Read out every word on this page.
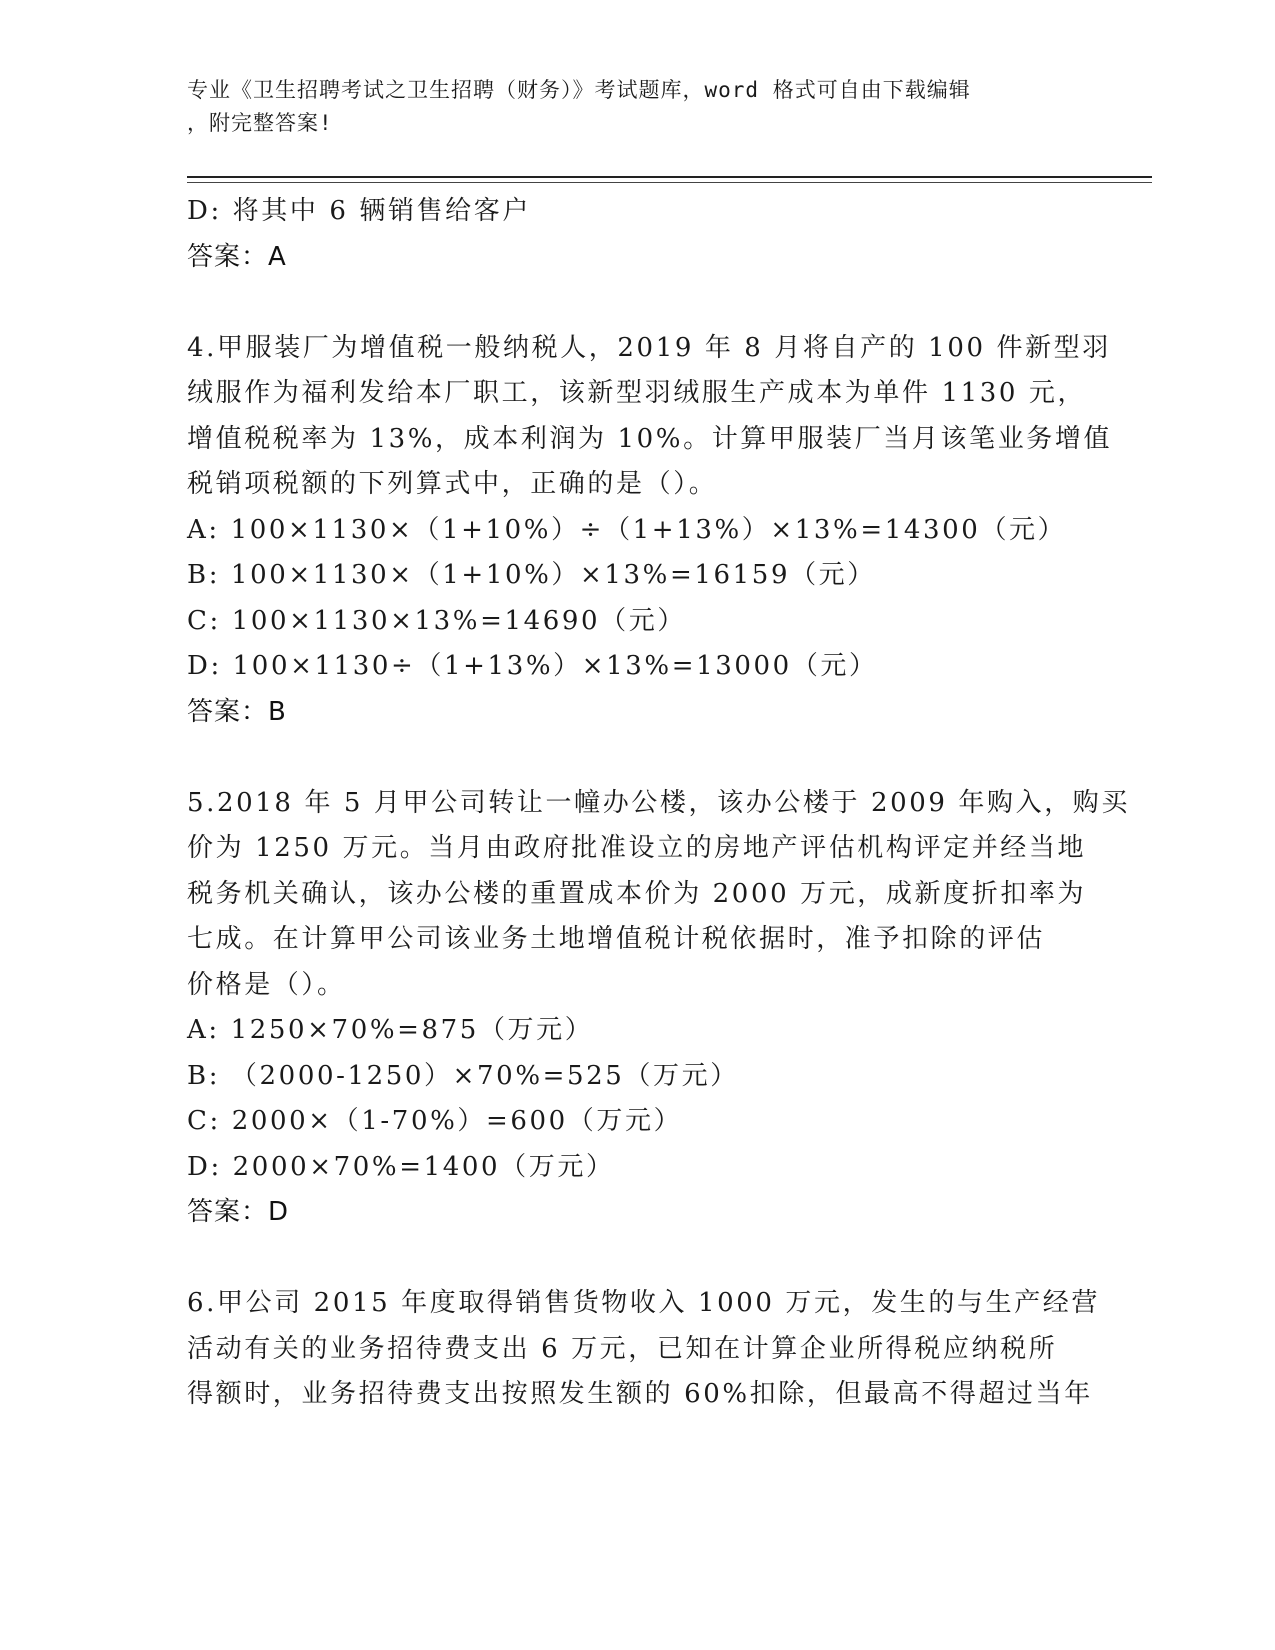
专业《卫生招聘考试之卫生招聘（财务）》考试题库，word 格式可自由下载编辑
，附完整答案!
D: 将其中 6 辆销售给客户
答案：A
4.甲服装厂为增值税一般纳税人，2019 年 8 月将自产的 100 件新型羽
绒服作为福利发给本厂职工，该新型羽绒服生产成本为单件 1130 元，
增值税税率为 13%，成本利润为 10%。计算甲服装厂当月该笔业务增值
税销项税额的下列算式中，正确的是（）。
A: 100×1130×（1+10%）÷（1+13%）×13%=14300（元）
B: 100×1130×（1+10%）×13%=16159（元）
C: 100×1130×13%=14690（元）
D: 100×1130÷（1+13%）×13%=13000（元）
答案：B
5.2018 年 5 月甲公司转让一幢办公楼，该办公楼于 2009 年购入，购买
价为 1250 万元。当月由政府批准设立的房地产评估机构评定并经当地
税务机关确认，该办公楼的重置成本价为 2000 万元，成新度折扣率为
七成。在计算甲公司该业务土地增值税计税依据时，准予扣除的评估
价格是（）。
A: 1250×70%=875（万元）
B: （2000-1250）×70%=525（万元）
C: 2000×（1-70%）=600（万元）
D: 2000×70%=1400（万元）
答案：D
6.甲公司 2015 年度取得销售货物收入 1000 万元，发生的与生产经营
活动有关的业务招待费支出 6 万元，已知在计算企业所得税应纳税所
得额时，业务招待费支出按照发生额的 60%扣除，但最高不得超过当年
